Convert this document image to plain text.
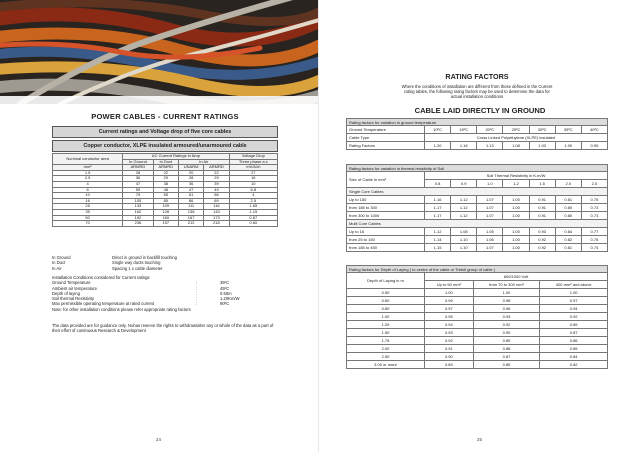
POWER CABLES - CURRENT RATINGS
Current ratings and Voltage drop of five core cables
Copper conductor, XLPE insulated armoured/unarmoured cable
Nominal conductor area	AC Current Ratings in Amp				Voltage Drop
	In Ground	In Duct	In Air		Three phase a.c
mm²	ARMRD	ARMRD	UNARM	ARMRD	mV/A/m
1.5	28	22	20	22	27
2.5	36	29	28	29	16
4	47	38	36	39	10
6	59	48	47	49	6.8
10	79	65	61	66	4
16	105	85	86	89	2.5
25	133	109	111	116	1.65
35	162	128	138	143	1.15
50	192	160	167	173	0.87
70	236	197	212	218	0.60
In Ground	Direct in ground in backfill touching
In Duct	Single way ducts touching
In Air	Spacing 1 x cable diameter
Installation Conditions considered for Current ratings
Ground Temperature	:	35ºC
Ambient air temperature	:	45ºC
Depth of laying	:	0.50m
Soil thermal Resistivity	:	1.20Km/W
Max permissible operating temperature at rated current	:	90ºC
Note: for other installation conditions please refer appropriate rating factors
The data provided are for guidance only. Nuhas reserve the rights to withdraw/alter any or whole of the data as a part of their effort of continuous Research & Development
24
RATING FACTORS
Where the conditions of installation are different from those defined in the Current rating tables, the following rating factors may be used to determine the data for actual installation conditions
CABLE LAID DIRECTLY IN GROUND
Rating factors for variation in ground temperature							
Ground Temperature	10ºC	15ºC	20ºC	25ºC	30ºC	35ºC	40ºC
Cable Type	Cross Linked Polyethylene (XLPE) insulated						
Rating Factors	1.20	1.16	1.13	1.08	1.03	1.00	0.95
Rating factors for variation in thermal resistivity of Soil							
Size of Cable in mm²	Soil Thermal Resistivity in K.m/W						
	0.8	0.9	1.0	1.2	1.5	2.0	2.5
Single Core Cables							
Up to 150	1.16	1.12	1.07	1.00	0.91	0.81	0.75
from 185 to 300	1.17	1.12	1.07	1.00	0.91	0.80	0.73
from 300 to 1000	1.17	1.12	1.07	1.00	0.91	0.80	0.73
Multi Core Cables							
Up to 16	1.12	1.08	1.05	1.00	0.93	0.84	0.77
from 25 to 150	1.14	1.10	1.06	1.00	0.92	0.82	0.75
from 185 to 400	1.15	1.10	1.07	1.00	0.92	0.81	0.74
Rating factors for Depth of Laying ( to centre of the cable or Trefoil group of cable )			
Depth of Laying in m	600/1000 Volt		
	Up to 50 mm²	from 70 to 300 mm²	400 mm² and above
0.50	1.00	1.00	1.00
0.60	0.99	0.98	0.97
0.80	0.97	0.96	0.94
1.00	0.95	0.93	0.92
1.25	0.94	0.92	0.89
1.50	0.93	0.90	0.87
1.75	0.92	0.89	0.86
2.00	0.91	0.88	0.85
2.50	0.90	0.87	0.84
3.00 or more	0.89	0.85	0.82
25
